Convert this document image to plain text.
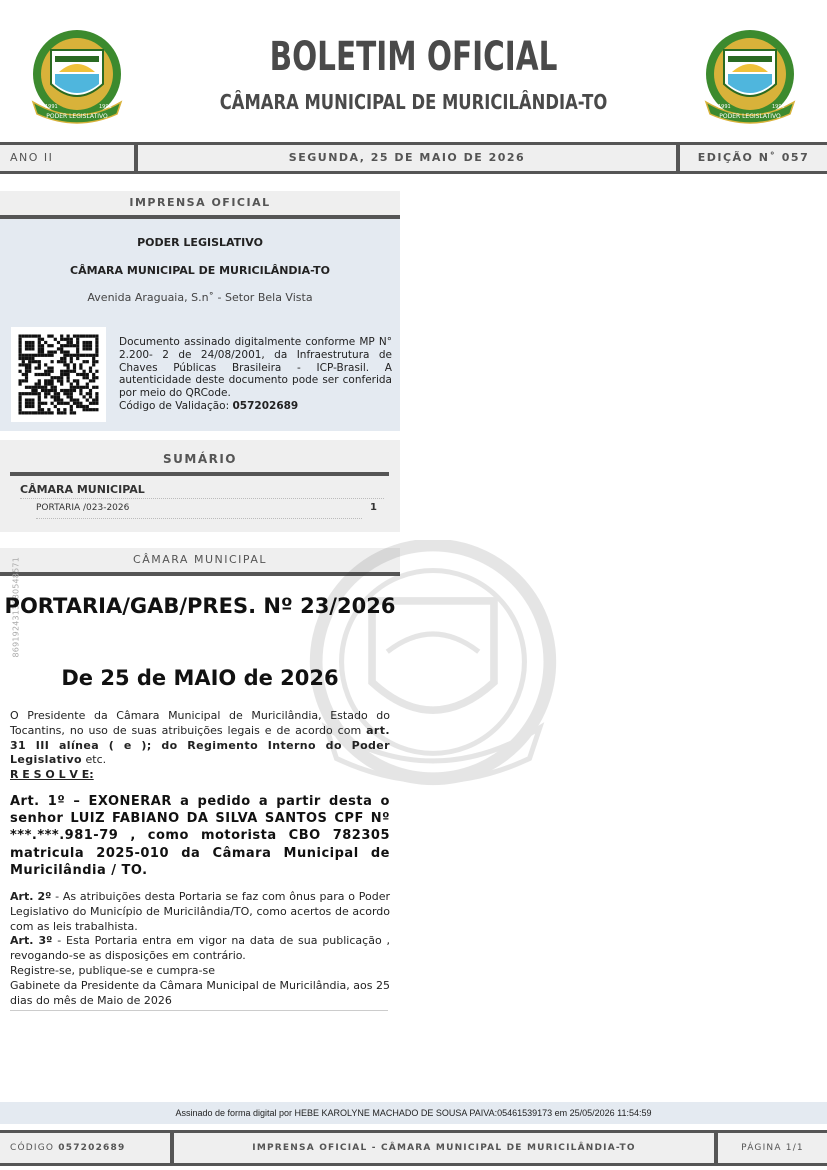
PODER LEGISLATIVO
1991	1993
PODER LEGISLATIVO
1991	1993
BOLETIM OFICIAL
CÂMARA MUNICIPAL DE MURICILÂNDIA-TO
ANO II	SEGUNDA, 25 DE MAIO DE 2026	EDIÇÃO N˚ 057
IMPRENSA OFICIAL
PODER LEGISLATIVO
CÂMARA MUNICIPAL DE MURICILÂNDIA-TO
Avenida Araguaia, S.n˚ - Setor Bela Vista
Documento assinado digitalmente conforme MP N° 2.200- 2 de 24/08/2001, da Infraestrutura de Chaves Públicas Brasileira - ICP-Brasil. A autenticidade deste documento pode ser conferida por meio do QRCode.
Código de Validação: 057202689
SUMÁRIO
CÂMARA MUNICIPAL
PORTARIA /023-2026	1
CÂMARA MUNICIPAL
8691924313680548571
PORTARIA/GAB/PRES. Nº 23/2026
De 25 de MAIO de 2026
O Presidente da Câmara Municipal de Muricilândia, Estado do Tocantins, no uso de suas atribuições legais e de acordo com art. 31 III alínea ( e ); do Regimento Interno do Poder Legislativo etc.
R E S O L V E:
Art. 1º – EXONERAR a pedido a partir desta o senhor LUIZ FABIANO DA SILVA SANTOS CPF Nº ***.***.981-79 , como motorista CBO 782305 matricula 2025-010 da Câmara Municipal de Muricilândia / TO.
Art. 2º - As atribuições desta Portaria se faz com ônus para o Poder Legislativo do Município de Muricilândia/TO, como acertos de acordo com as leis trabalhista.
Art. 3º - Esta Portaria entra em vigor na data de sua publicação , revogando-se as disposições em contrário.
Registre-se, publique-se e cumpra-se
Gabinete da Presidente da Câmara Municipal de Muricilândia, aos 25 dias do mês de Maio de 2026
Assinado de forma digital por HEBE KAROLYNE MACHADO DE SOUSA PAIVA:05461539173 em 25/05/2026 11:54:59
CÓDIGO 057202689	IMPRENSA OFICIAL - CÂMARA MUNICIPAL DE MURICILÂNDIA-TO	PÁGINA 1/1
